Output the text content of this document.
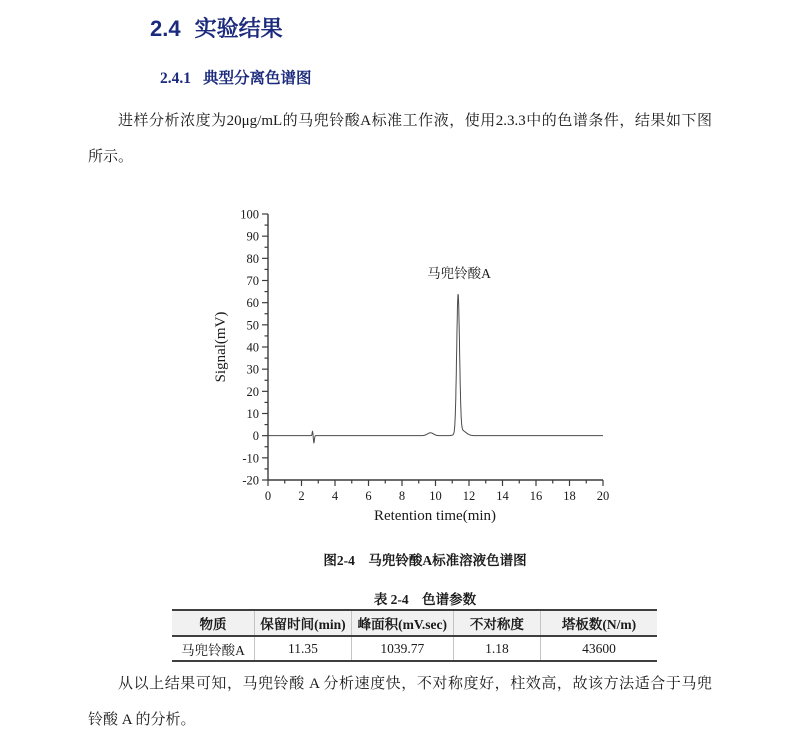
2.4 实验结果
2.4.1 典型分离色谱图
进样分析浓度为20μg/mL的马兜铃酸A标准工作液，使用2.3.3中的色谱条件，结果如下图
所示。
100
90
80
70
60
50
40
30
20
10
0
-10
-20
0 2 4 6 8 10 12 14 16 18 20
Signal(mV)
Retention time(min)
马兜铃酸A
图2-4　马兜铃酸A标准溶液色谱图
表 2-4　色谱参数
物质	保留时间(min)	峰面积(mV.sec)	不对称度	塔板数(N/m)
马兜铃酸A	11.35	1039.77	1.18	43600
从以上结果可知，马兜铃酸 A 分析速度快，不对称度好，柱效高，故该方法适合于马兜
铃酸 A 的分析。
